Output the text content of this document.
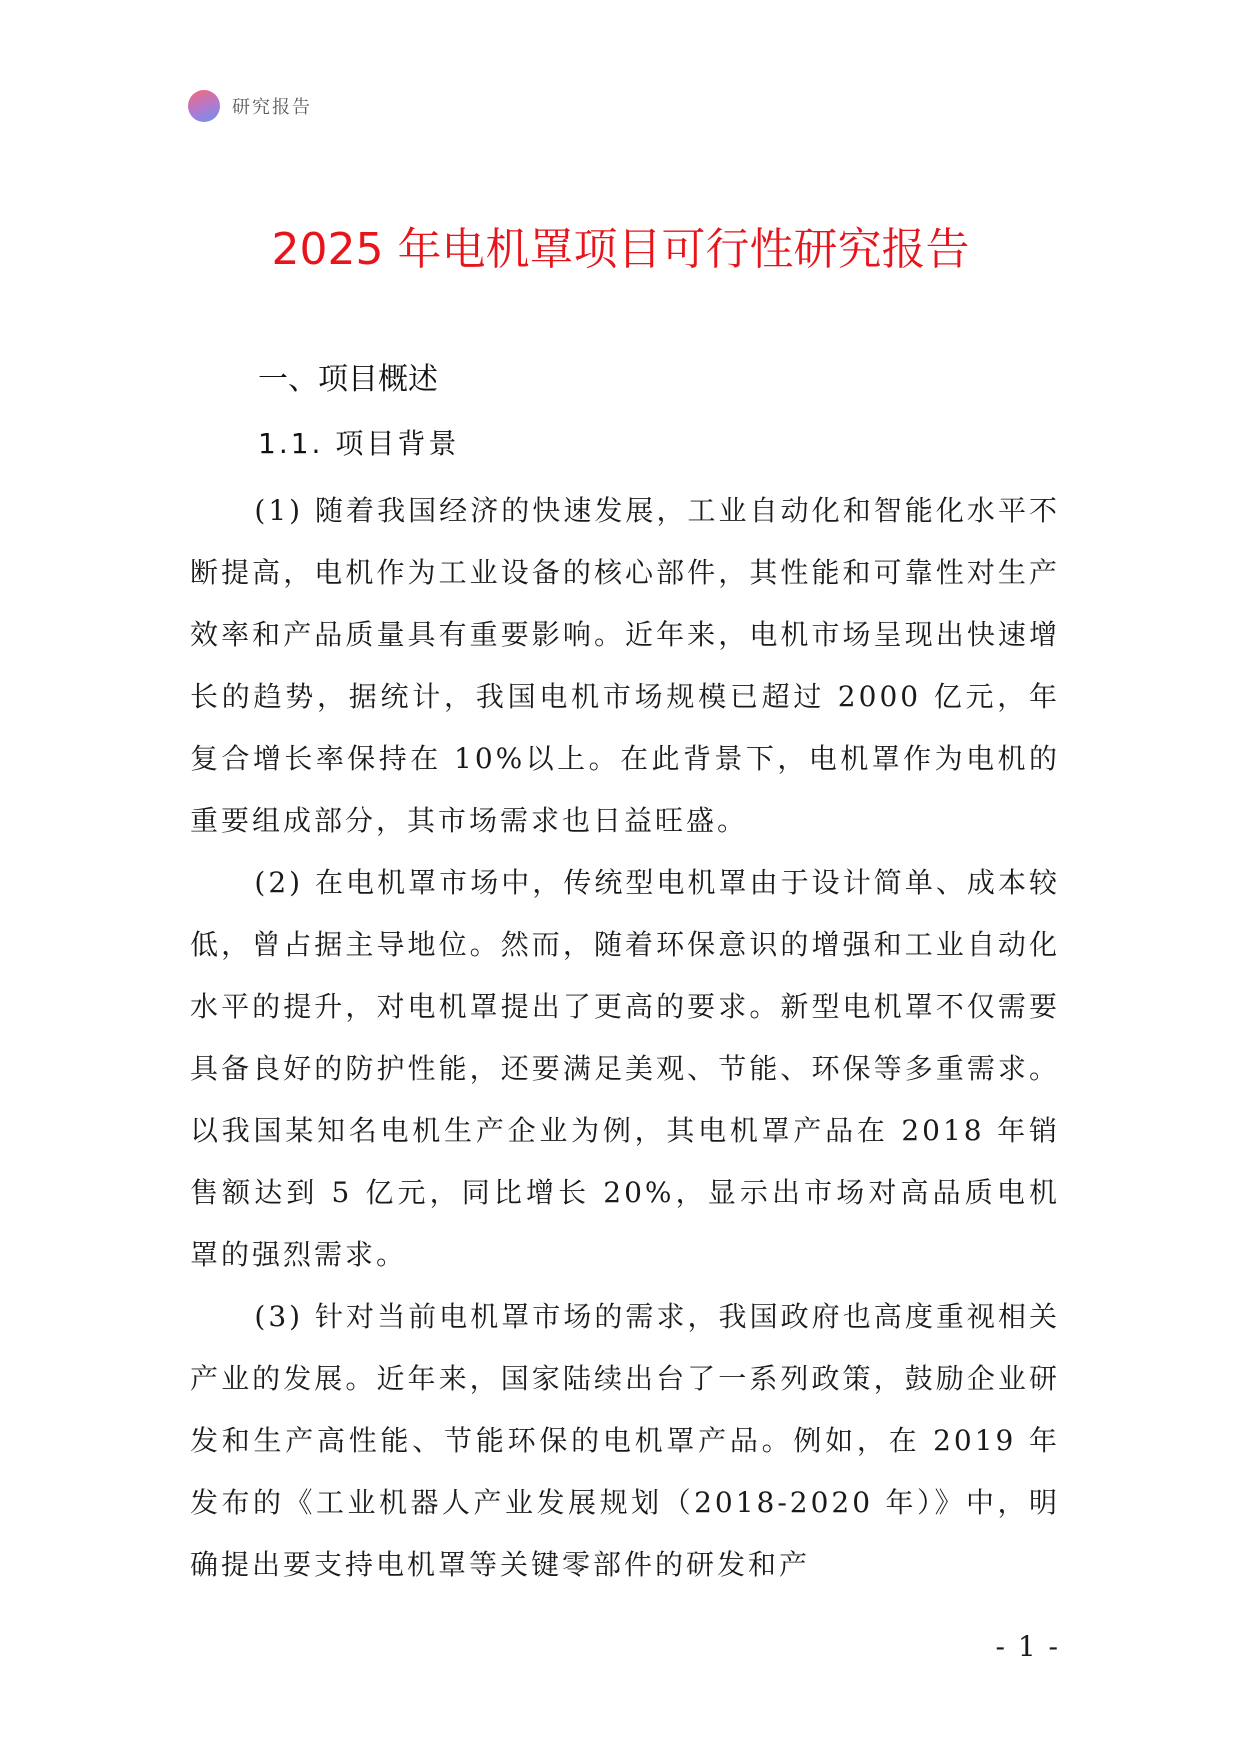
研究报告
2025 年电机罩项目可行性研究报告
一、项目概述
1.1. 项目背景

(1) 随着我国经济的快速发展，工业自动化和智能化水平不断提高，电机作为工业设备的核心部件，其性能和可靠性对生产效率和产品质量具有重要影响。近年来，电机市场呈现出快速增长的趋势，据统计，我国电机市场规模已超过 2000 亿元，年复合增长率保持在 10%以上。在此背景下，电机罩作为电机的重要组成部分，其市场需求也日益旺盛。

(2) 在电机罩市场中，传统型电机罩由于设计简单、成本较低，曾占据主导地位。然而，随着环保意识的增强和工业自动化水平的提升，对电机罩提出了更高的要求。新型电机罩不仅需要具备良好的防护性能，还要满足美观、节能、环保等多重需求。以我国某知名电机生产企业为例，其电机罩产品在 2018 年销售额达到 5 亿元，同比增长 20%，显示出市场对高品质电机罩的强烈需求。

(3) 针对当前电机罩市场的需求，我国政府也高度重视相关产业的发展。近年来，国家陆续出台了一系列政策，鼓励企业研发和生产高性能、节能环保的电机罩产品。例如，在 2019 年发布的《工业机器人产业发展规划（2018-2020 年）》中，明确提出要支持电机罩等关键零部件的研发和产

- 1 -
